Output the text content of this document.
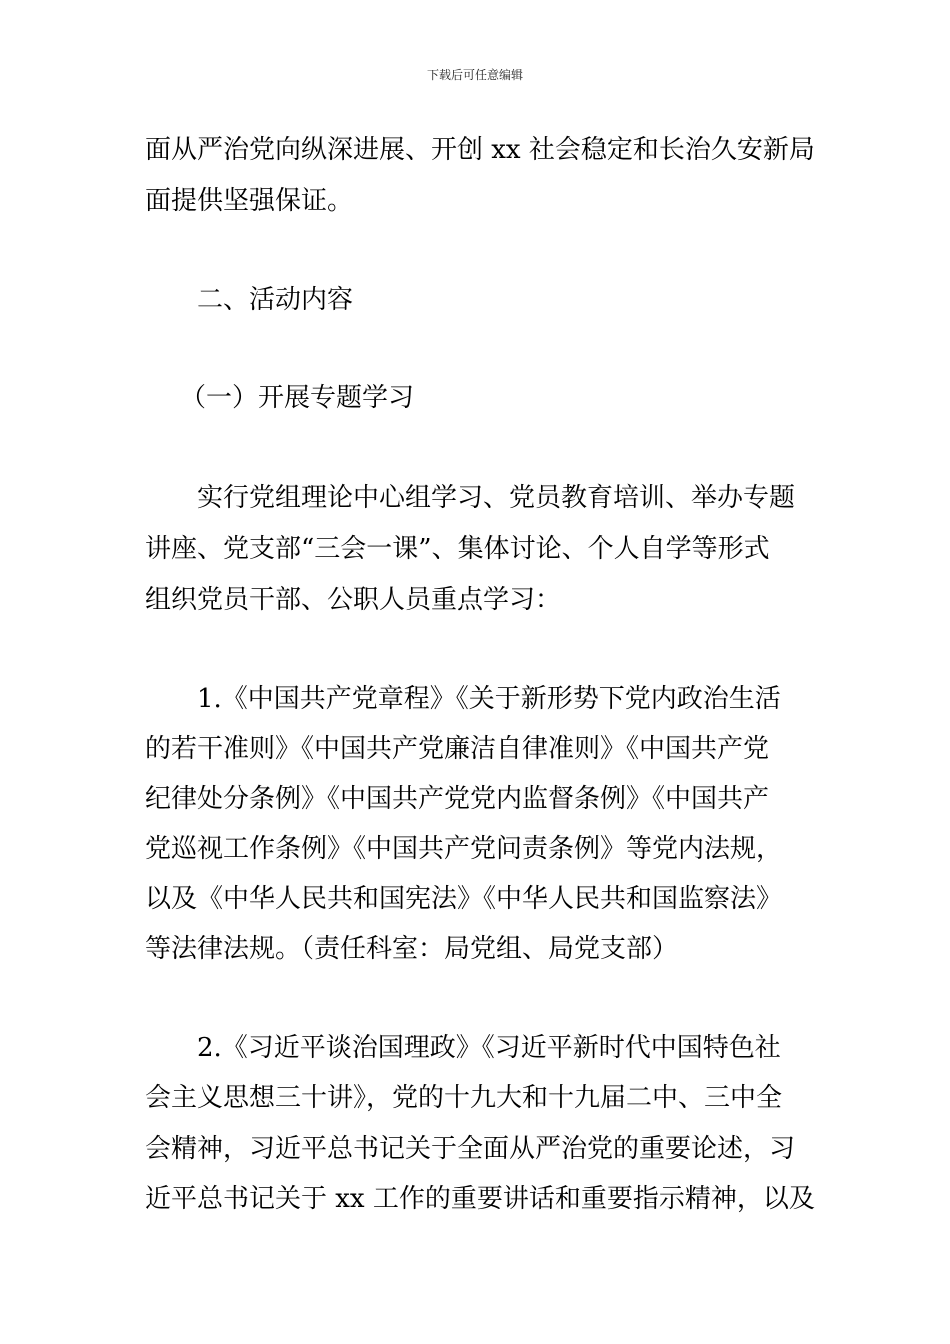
下载后可任意编辑
面从严治党向纵深进展、开创 xx 社会稳定和长治久安新局
面提供坚强保证。
二、活动内容
（一）开展专题学习
实行党组理论中心组学习、党员教育培训、举办专题
讲座、党支部“三会一课”、集体讨论、个人自学等形式
组织党员干部、公职人员重点学习：
1.《中国共产党章程》《关于新形势下党内政治生活
的若干准则》《中国共产党廉洁自律准则》《中国共产党
纪律处分条例》《中国共产党党内监督条例》《中国共产
党巡视工作条例》《中国共产党问责条例》等党内法规，
以及《中华人民共和国宪法》《中华人民共和国监察法》
等法律法规。（责任科室：局党组、局党支部）
2.《习近平谈治国理政》《习近平新时代中国特色社
会主义思想三十讲》，党的十九大和十九届二中、三中全
会精神，习近平总书记关于全面从严治党的重要论述，习
近平总书记关于 xx 工作的重要讲话和重要指示精神，以及
